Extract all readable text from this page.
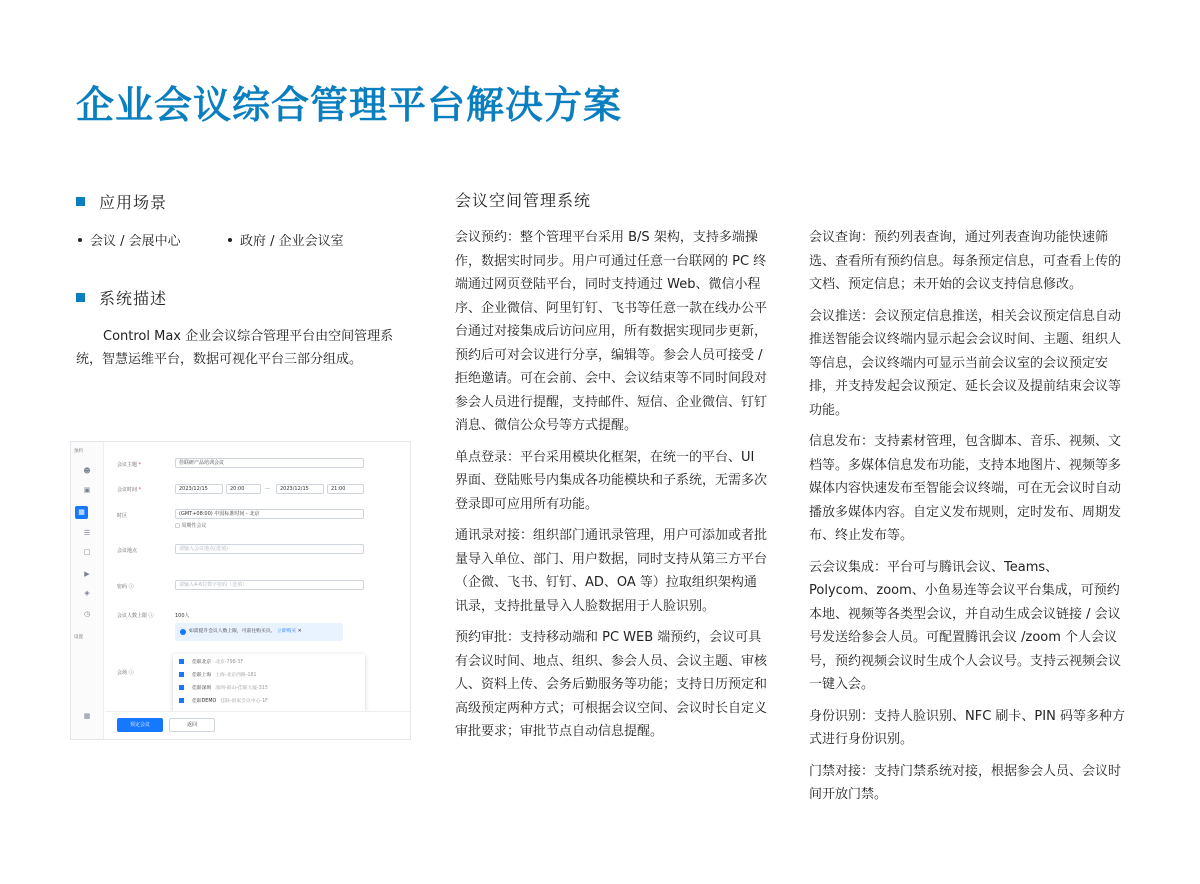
企业会议综合管理平台解决方案
应用场景
会议 / 会展中心	政府 / 企业会议室
系统描述
Control Max 企业会议综合管理平台由空间管理系统，智慧运维平台，数据可视化平台三部分组成。
预约
☻
▣
▦
☰
□
▶
◈
◷
设置
▦
会议主题 *	佳联研产品培训会议
会议时间 *	2023/12/15	20:00	—	2023/12/15	21:00
时区	(GMT+08:00) 中国标准时间 - 北京
□ 周期性会议
会议地点	请输入会议地点(选填)
密码 ⓘ	请输入4-6位数字密码（选填）
会议人数上限 ⓘ	100人
如需提升会议人数上限，可前往购买页。 立即购买 ✕
会场 ⓘ
佳联北京 北京-798-3F
佳联上海 上海-北京西路-181
佳联深圳 深圳-南山-佳联大厦-315
佳联DEMO 佳联-国家会议中心-1F
预定会议	返回
会议空间管理系统

会议预约：整个管理平台采用 B/S 架构，支持多端操作，数据实时同步。用户可通过任意一台联网的 PC 终端通过网页登陆平台，同时支持通过 Web、微信小程序、企业微信、阿里钉钉、飞书等任意一款在线办公平台通过对接集成后访问应用，所有数据实现同步更新，预约后可对会议进行分享，编辑等。参会人员可接受 / 拒绝邀请。可在会前、会中、会议结束等不同时间段对参会人员进行提醒，支持邮件、短信、企业微信、钉钉消息、微信公众号等方式提醒。

单点登录：平台采用模块化框架，在统一的平台、UI 界面、登陆账号内集成各功能模块和子系统，无需多次登录即可应用所有功能。

通讯录对接：组织部门通讯录管理，用户可添加或者批量导入单位、部门、用户数据，同时支持从第三方平台（企微、飞书、钉钉、AD、OA 等）拉取组织架构通讯录，支持批量导入人脸数据用于人脸识别。

预约审批：支持移动端和 PC WEB 端预约，会议可具有会议时间、地点、组织、参会人员、会议主题、审核人、资料上传、会务后勤服务等功能；支持日历预定和高级预定两种方式；可根据会议空间、会议时长自定义审批要求；审批节点自动信息提醒。

会议查询：预约列表查询，通过列表查询功能快速筛选、查看所有预约信息。每条预定信息，可查看上传的文档、预定信息；未开始的会议支持信息修改。

会议推送：会议预定信息推送，相关会议预定信息自动推送智能会议终端内显示起会会议时间、主题、组织人等信息，会议终端内可显示当前会议室的会议预定安排，并支持发起会议预定、延长会议及提前结束会议等功能。

信息发布：支持素材管理，包含脚本、音乐、视频、文档等。多媒体信息发布功能，支持本地图片、视频等多媒体内容快速发布至智能会议终端，可在无会议时自动播放多媒体内容。自定义发布规则，定时发布、周期发布、终止发布等。

云会议集成：平台可与腾讯会议、Teams、Polycom、zoom、小鱼易连等会议平台集成，可预约本地、视频等各类型会议，并自动生成会议链接 / 会议号发送给参会人员。可配置腾讯会议 /zoom 个人会议号，预约视频会议时生成个人会议号。支持云视频会议一键入会。

身份识别：支持人脸识别、NFC 刷卡、PIN 码等多种方式进行身份识别。

门禁对接：支持门禁系统对接，根据参会人员、会议时间开放门禁。
